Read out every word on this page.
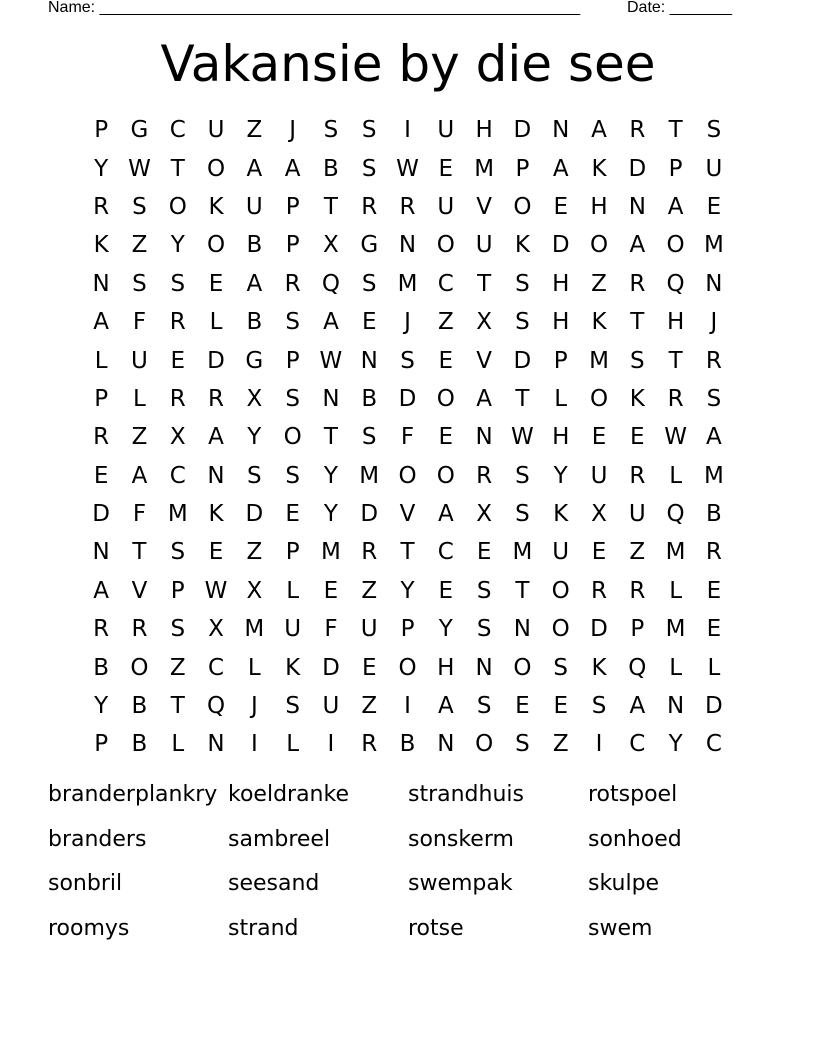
Name: ______________________________________________________	Date: _______
Vakansie by die see
P G C U Z	J	S	S	I	U H D N A R	T	S
Y W T O A A B	S W E M P	A K D P U
R	S O K U P	T	R R U V O E H N A	E
K Z	Y O B	P	X G N O U K D O A O M
N S	S	E	A R Q S M C	T	S H Z R Q N
A	F	R	L	B	S	A	E	J	Z X	S H K	T H	J
L	U E D G P W N S	E	V D P M S	T	R
P	L	R R X	S N B D O A	T	L O K R	S
R Z X A	Y O T	S	F	E N W H E	E W A
E	A C N S	S	Y M O O R	S	Y U R	L M
D F M K D E	Y D V A X	S	K X U Q B
N T	S	E	Z	P M R	T	C	E M U E	Z M R
A V	P W X	L	E	Z	Y	E	S	T O R R	L	E
R R	S	X M U	F	U P	Y	S N O D P M E
B O Z C	L	K D E O H N O S	K Q L	L
Y	B	T Q	J	S U Z	I	A	S	E	E	S	A N D
P	B	L	N	I	L	I	R B N O S	Z	I	C	Y	C
branderplankry koeldranke	strandhuis	rotspoel
branders	sambreel	sonskerm	sonhoed
sonbril	seesand	swempak	skulpe
roomys	strand	rotse	swem
